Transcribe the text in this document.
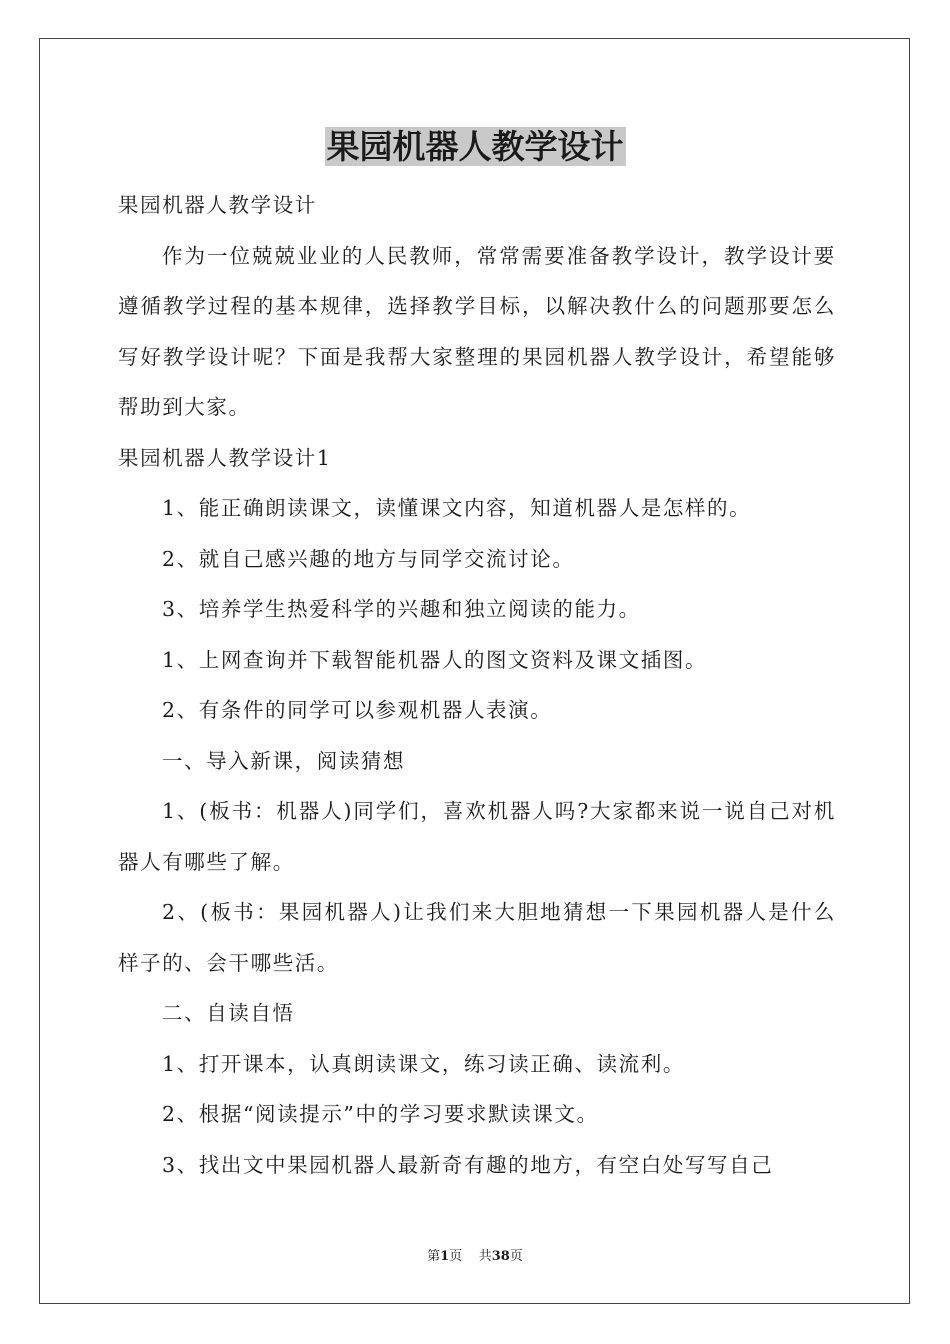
果园机器人教学设计

果园机器人教学设计

作为一位兢兢业业的人民教师，常常需要准备教学设计，教学设计要遵循教学过程的基本规律，选择教学目标，以解决教什么的问题那要怎么写好教学设计呢？下面是我帮大家整理的果园机器人教学设计，希望能够帮助到大家。

果园机器人教学设计1

1、能正确朗读课文，读懂课文内容，知道机器人是怎样的。

2、就自己感兴趣的地方与同学交流讨论。

3、培养学生热爱科学的兴趣和独立阅读的能力。

1、上网查询并下载智能机器人的图文资料及课文插图。

2、有条件的同学可以参观机器人表演。

一、导入新课，阅读猜想

1、(板书：机器人)同学们，喜欢机器人吗?大家都来说一说自己对机器人有哪些了解。

2、(板书：果园机器人)让我们来大胆地猜想一下果园机器人是什么样子的、会干哪些活。

二、自读自悟

1、打开课本，认真朗读课文，练习读正确、读流利。

2、根据“阅读提示”中的学习要求默读课文。

3、找出文中果园机器人最新奇有趣的地方，有空白处写写自己

第1页 共38页
